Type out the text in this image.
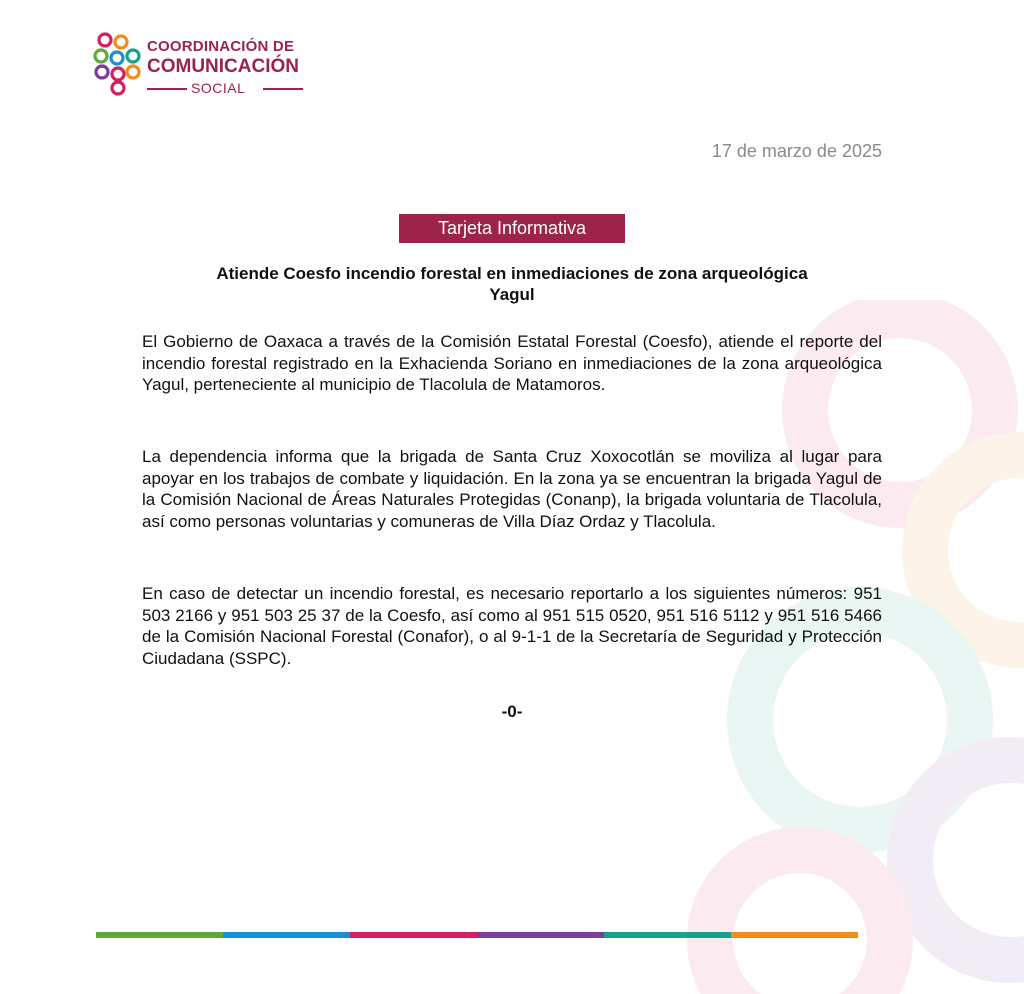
COORDINACIÓN DE
COMUNICACIÓN
SOCIAL
17 de marzo de 2025
Tarjeta Informativa
Atiende Coesfo incendio forestal en inmediaciones de zona arqueológica
Yagul
El Gobierno de Oaxaca a través de la Comisión Estatal Forestal (Coesfo), atiende el reporte del incendio forestal registrado en la Exhacienda Soriano en inmediaciones de la zona arqueológica Yagul, perteneciente al municipio de Tlacolula de Matamoros.
La dependencia informa que la brigada de Santa Cruz Xoxocotlán se moviliza al lugar para apoyar en los trabajos de combate y liquidación. En la zona ya se encuentran la brigada Yagul de la Comisión Nacional de Áreas Naturales Protegidas (Conanp), la brigada voluntaria de Tlacolula, así como personas voluntarias y comuneras de Villa Díaz Ordaz y Tlacolula.
En caso de detectar un incendio forestal, es necesario reportarlo a los siguientes números: 951 503 2166 y 951 503 25 37 de la Coesfo, así como al 951 515 0520, 951 516 5112 y 951 516 5466 de la Comisión Nacional Forestal (Conafor), o al 9-1-1 de la Secretaría de Seguridad y Protección Ciudadana (SSPC).
-0-
